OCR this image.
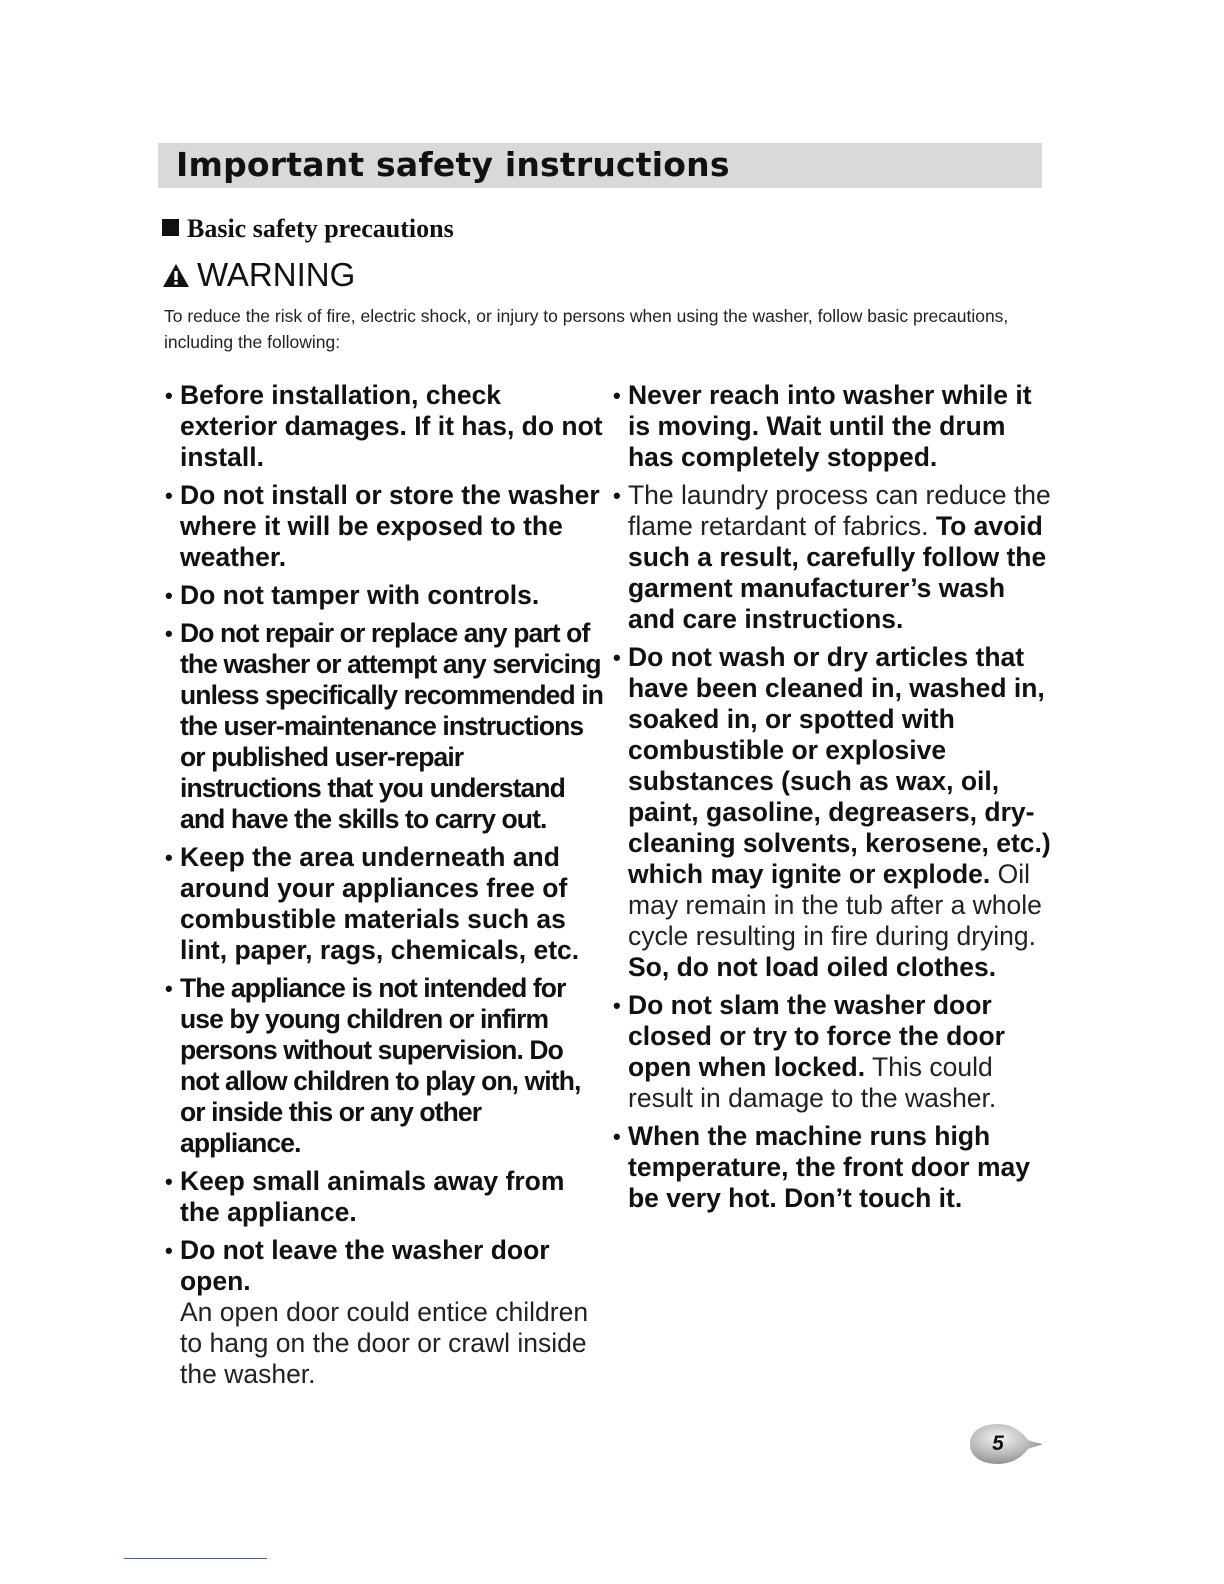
Important safety instructions
Basic safety precautions
WARNING

To reduce the risk of fire, electric shock, or injury to persons when using the washer, follow basic precautions, including the following:

• Before installation, check exterior damages. If it has, do not install.
• Do not install or store the washer where it will be exposed to the weather.
• Do not tamper with controls.
• Do not repair or replace any part of the washer or attempt any servicing unless specifically recommended in the user-maintenance instructions or published user-repair instructions that you understand and have the skills to carry out.
• Keep the area underneath and around your appliances free of combustible materials such as lint, paper, rags, chemicals, etc.
• The appliance is not intended for use by young children or infirm persons without supervision. Do not allow children to play on, with, or inside this or any other appliance.
• Keep small animals away from the appliance.
• Do not leave the washer door open.
An open door could entice children to hang on the door or crawl inside the washer.
• Never reach into washer while it is moving. Wait until the drum has completely stopped.
• The laundry process can reduce the flame retardant of fabrics. To avoid such a result, carefully follow the garment manufacturer’s wash and care instructions.
• Do not wash or dry articles that have been cleaned in, washed in, soaked in, or spotted with combustible or explosive substances (such as wax, oil, paint, gasoline, degreasers, dry-cleaning solvents, kerosene, etc.) which may ignite or explode. Oil may remain in the tub after a whole cycle resulting in fire during drying.
So, do not load oiled clothes.
• Do not slam the washer door closed or try to force the door open when locked. This could result in damage to the washer.
• When the machine runs high temperature, the front door may be very hot. Don’t touch it.
5
